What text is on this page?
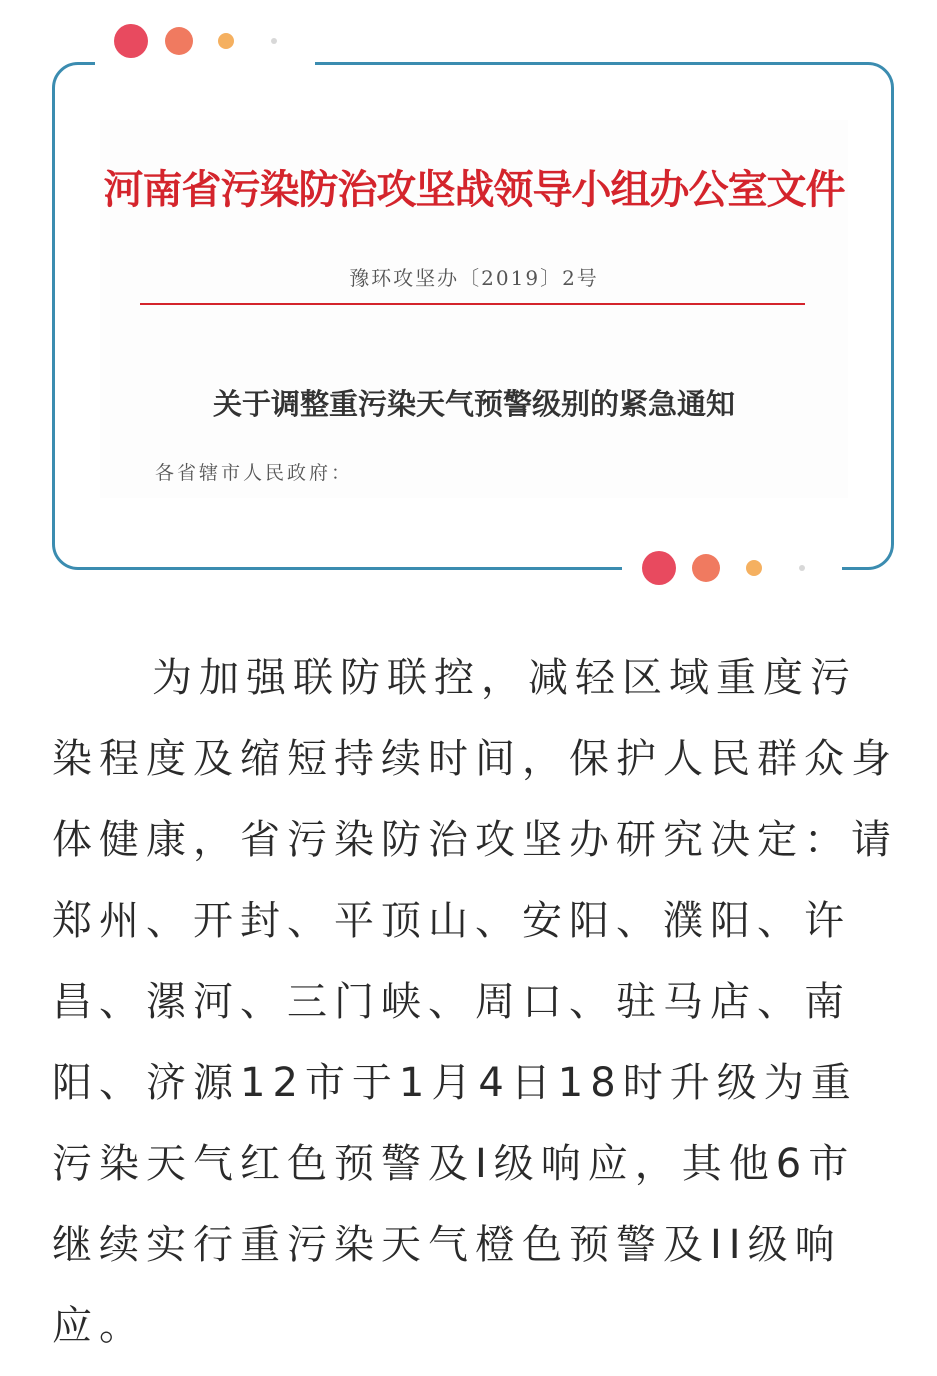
河南省污染防治攻坚战领导小组办公室文件
豫环攻坚办〔2019〕2号
关于调整重污染天气预警级别的紧急通知
各省辖市人民政府：

为加强联防联控，减轻区域重度污染程度及缩短持续时间，保护人民群众身体健康，省污染防治攻坚办研究决定：请郑州、开封、平顶山、安阳、濮阳、许昌、漯河、三门峡、周口、驻马店、南阳、济源12市于1月4日18时升级为重污染天气红色预警及I级响应，其他6市继续实行重污染天气橙色预警及II级响应。
